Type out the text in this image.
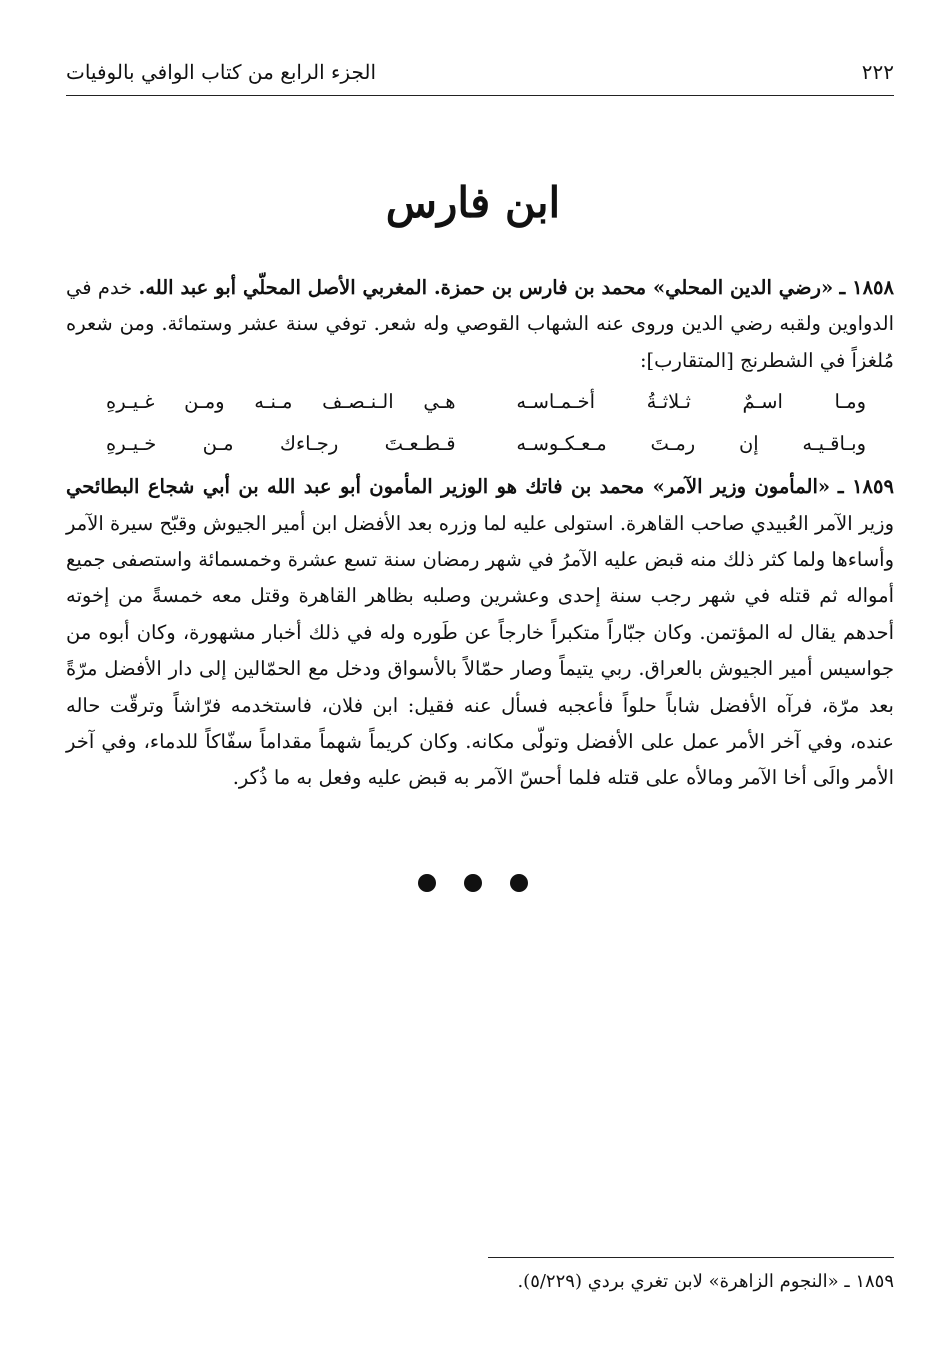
٢٢٢
الجزء الرابع من كتاب الوافي بالوفيات
ابن فارس

١٨٥٨ ـ «رضي الدين المحلي» محمد بن فارس بن حمزة. المغربي الأصل المحلّي أبو عبد الله. خدم في الدواوين ولقبه رضي الدين وروى عنه الشهاب القوصي وله شعر. توفي سنة عشر وستمائة. ومن شعره مُلغزاً في الشطرنج [المتقارب]:

ومـا اسـمٌ ثـلاثـةُ أخـمـاسـه
هـي الـنـصـف مـنـه ومـن غـيـرهِ
وبـاقـيـه إن رمـتَ مـعـكـوسـه
قـطـعـتَ رجـاءك مـن خـيـرهِ

١٨٥٩ ـ «المأمون وزير الآمر» محمد بن فاتك هو الوزير المأمون أبو عبد الله بن أبي شجاع البطائحي وزير الآمر العُبيدي صاحب القاهرة. استولى عليه لما وزره بعد الأفضل ابن أمير الجيوش وقبّح سيرة الآمر وأساءها ولما كثر ذلك منه قبض عليه الآمرُ في شهر رمضان سنة تسع عشرة وخمسمائة واستصفى جميع أمواله ثم قتله في شهر رجب سنة إحدى وعشرين وصلبه بظاهر القاهرة وقتل معه خمسةً من إخوته أحدهم يقال له المؤتمن. وكان جبّاراً متكبراً خارجاً عن طَوره وله في ذلك أخبار مشهورة، وكان أبوه من جواسيس أمير الجيوش بالعراق. ربي يتيماً وصار حمّالاً بالأسواق ودخل مع الحمّالين إلى دار الأفضل مرّةً بعد مرّة، فرآه الأفضل شاباً حلواً فأعجبه فسأل عنه فقيل: ابن فلان، فاستخدمه فرّاشاً وترقّت حاله عنده، وفي آخر الأمر عمل على الأفضل وتولّى مكانه. وكان كريماً شهماً مقداماً سفّاكاً للدماء، وفي آخر الأمر والَى أخا الآمر ومالأه على قتله فلما أحسّ الآمر به قبض عليه وفعل به ما ذُكر.

١٨٥٩ ـ «النجوم الزاهرة» لابن تغري بردي (٥/٢٢٩).
